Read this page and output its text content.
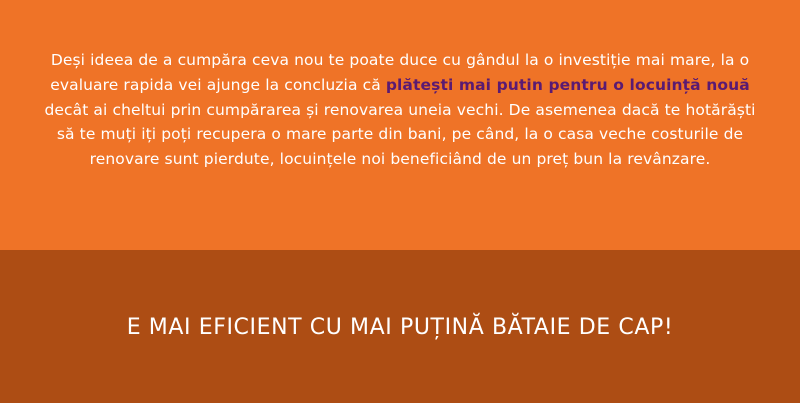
Deși ideea de a cumpăra ceva nou te poate duce cu gândul la o investiție mai mare, la o evaluare rapida vei ajunge la concluzia că plătești mai putin pentru o locuință nouă decât ai cheltui prin cumpărarea și renovarea uneia vechi. De asemenea dacă te hotărăști să te muți iți poți recupera o mare parte din bani, pe când, la o casa veche costurile de renovare sunt pierdute, locuințele noi beneficiând de un preț bun la revânzare.

E MAI EFICIENT CU MAI PUȚINĂ BĂTAIE DE CAP!
